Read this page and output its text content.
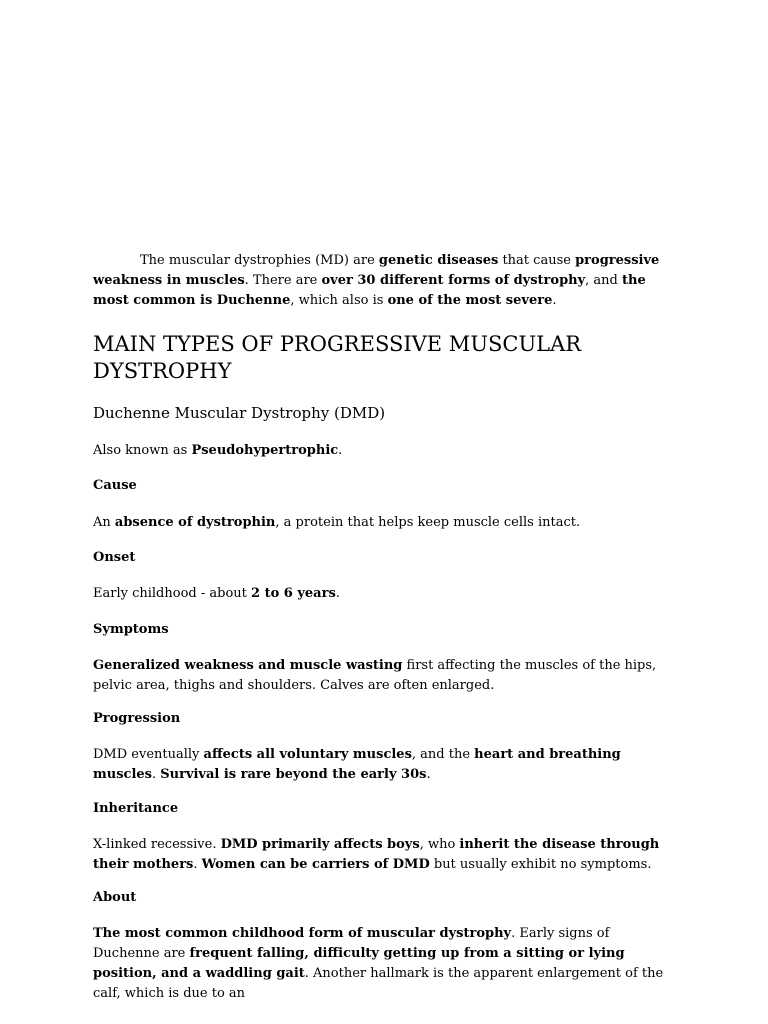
The muscular dystrophies (MD) are genetic diseases that cause progressive weakness in muscles. There are over 30 different forms of dystrophy, and the most common is Duchenne, which also is one of the most severe.

MAIN TYPES OF PROGRESSIVE MUSCULAR DYSTROPHY
Duchenne Muscular Dystrophy (DMD)

Also known as Pseudohypertrophic.

Cause

An absence of dystrophin, a protein that helps keep muscle cells intact.

Onset

Early childhood - about 2 to 6 years.

Symptoms

Generalized weakness and muscle wasting first affecting the muscles of the hips, pelvic area, thighs and shoulders. Calves are often enlarged.

Progression

DMD eventually affects all voluntary muscles, and the heart and breathing muscles. Survival is rare beyond the early 30s.

Inheritance

X-linked recessive. DMD primarily affects boys, who inherit the disease through their mothers. Women can be carriers of DMD but usually exhibit no symptoms.

About

The most common childhood form of muscular dystrophy. Early signs of Duchenne are frequent falling, difficulty getting up from a sitting or lying position, and a waddling gait. Another hallmark is the apparent enlargement of the calf, which is due to an
